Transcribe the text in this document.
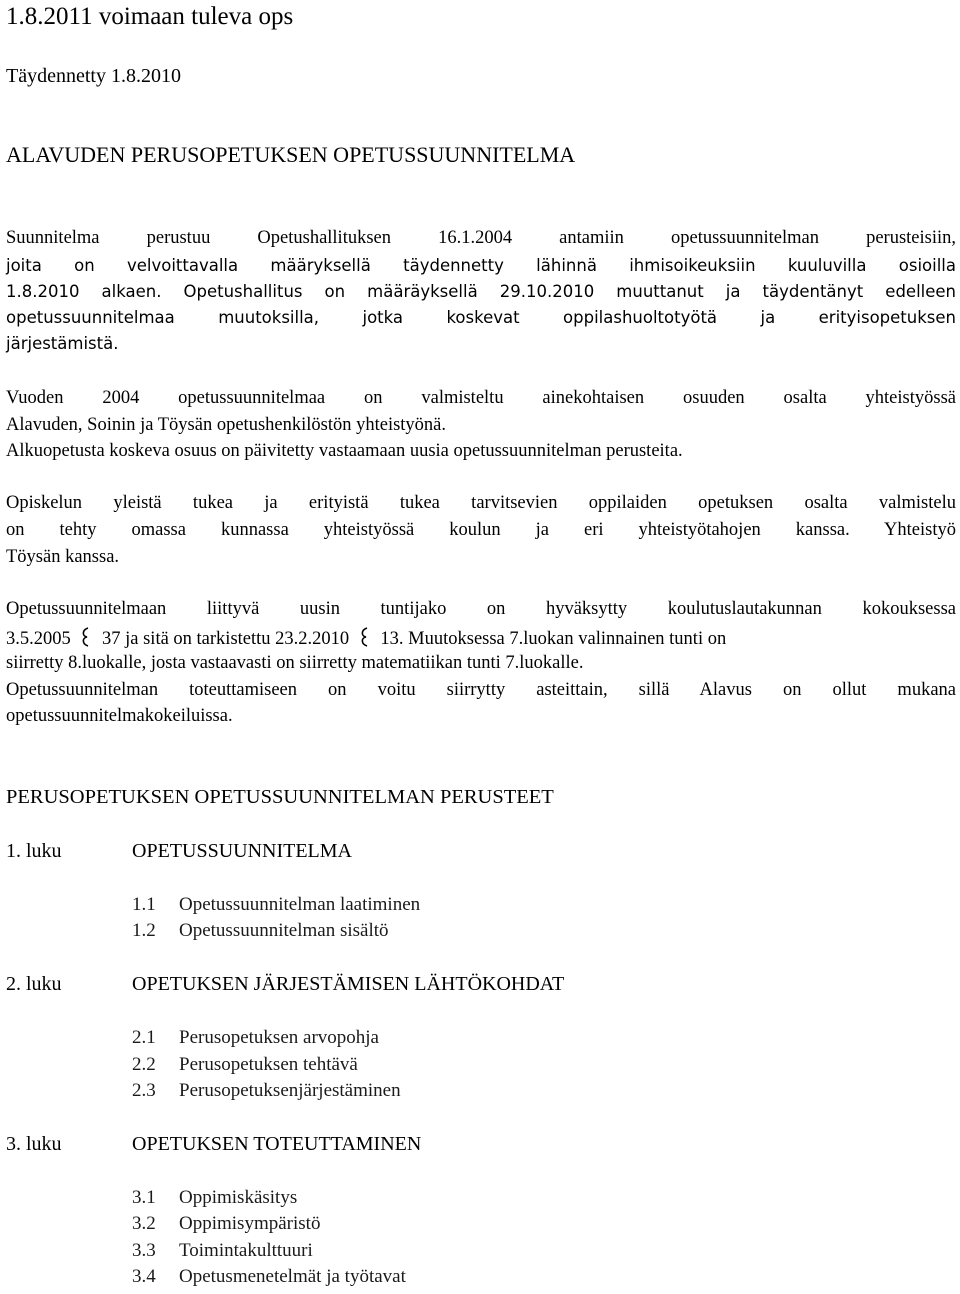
1.8.2011 voimaan tuleva ops
Täydennetty 1.8.2010
ALAVUDEN PERUSOPETUKSEN OPETUSSUUNNITELMA
Suunnitelma perustuu Opetushallituksen 16.1.2004 antamiin opetussuunnitelman perusteisiin,
joita on velvoittavalla määryksellä täydennetty lähinnä ihmisoikeuksiin kuuluvilla osioilla
1.8.2010 alkaen. Opetushallitus on määräyksellä 29.10.2010 muuttanut ja täydentänyt edelleen
opetussuunnitelmaa muutoksilla, jotka koskevat oppilashuoltotyötä ja erityisopetuksen
järjestämistä.
Vuoden 2004 opetussuunnitelmaa on valmisteltu ainekohtaisen osuuden osalta yhteistyössä
Alavuden, Soinin ja Töysän opetushenkilöstön yhteistyönä.
Alkuopetusta koskeva osuus on päivitetty vastaamaan uusia opetussuunnitelman perusteita.
Opiskelun yleistä tukea ja erityistä tukea tarvitsevien oppilaiden opetuksen osalta valmistelu
on tehty omassa kunnassa yhteistyössä koulun ja eri yhteistyötahojen kanssa. Yhteistyö
Töysän kanssa.
Opetussuunnitelmaan liittyvä uusin tuntijako on hyväksytty koulutuslautakunnan kokouksessa
3.5.2005 37 ja sitä on tarkistettu 23.2.2010 13. Muutoksessa 7.luokan valinnainen tunti on
siirretty 8.luokalle, josta vastaavasti on siirretty matematiikan tunti 7.luokalle.
Opetussuunnitelman toteuttamiseen on voitu siirrytty asteittain, sillä Alavus on ollut mukana
opetussuunnitelmakokeiluissa.
PERUSOPETUKSEN OPETUSSUUNNITELMAN PERUSTEET
1. luku	OPETUSSUUNNITELMA
1.1 Opetussuunnitelman laatiminen
1.2 Opetussuunnitelman sisältö
2. luku	OPETUKSEN JÄRJESTÄMISEN LÄHTÖKOHDAT
2.1 Perusopetuksen arvopohja
2.2 Perusopetuksen tehtävä
2.3 Perusopetuksenjärjestäminen
3. luku	OPETUKSEN TOTEUTTAMINEN
3.1 Oppimiskäsitys
3.2 Oppimisympäristö
3.3 Toimintakulttuuri
3.4 Opetusmenetelmät ja työtavat
